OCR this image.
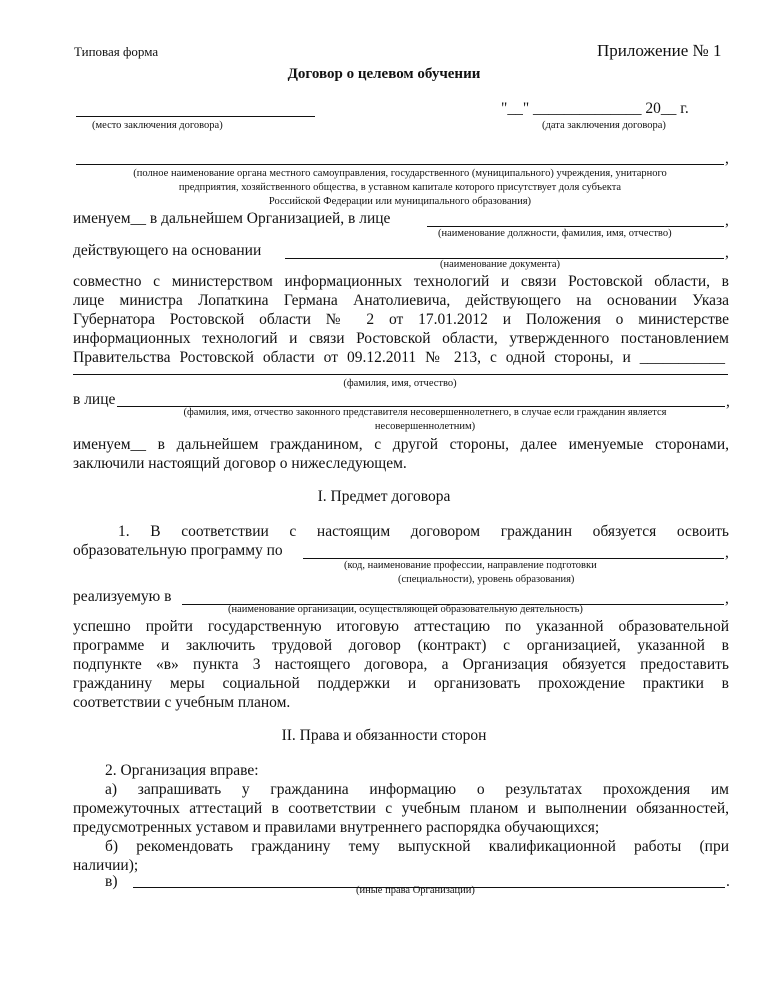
Типовая форма	Приложение № 1
Договор о целевом обучении
(место заключения договора)
"__" ______________ 20__ г.
(дата заключения договора)
,
(полное наименование органа местного самоуправления, государственного (муниципального) учреждения, унитарного
предприятия, хозяйственного общества, в уставном капитале которого присутствует доля субъекта
Российской Федерации или муниципального образования)
именуем__ в дальнейшем Организацией, в лице	,
(наименование должности, фамилия, имя, отчество)
действующего на основании	,
(наименование документа)
совместно с министерством информационных технологий и связи Ростовской области, в
лице министра Лопаткина Германа Анатолиевича, действующего на основании Указа
Губернатора Ростовской области № 2 от 17.01.2012 и Положения о министерстве
информационных технологий и связи Ростовской области, утвержденного постановлением
Правительства Ростовской области от 09.12.2011 № 213, с одной стороны, и ___________
(фамилия, имя, отчество)
в лице	,
(фамилия, имя, отчество законного представителя несовершеннолетнего, в случае если гражданин является
несовершеннолетним)
именуем__ в дальнейшем гражданином, с другой стороны, далее именуемые сторонами,
заключили настоящий договор о нижеследующем.
I. Предмет договора
1. В соответствии с настоящим договором гражданин обязуется освоить
образовательную программу по	,
(код, наименование профессии, направление подготовки
(специальности), уровень образования)
реализуемую в	,
(наименование организации, осуществляющей образовательную деятельность)
успешно пройти государственную итоговую аттестацию по указанной образовательной
программе и заключить трудовой договор (контракт) с организацией, указанной в
подпункте «в» пункта 3 настоящего договора, а Организация обязуется предоставить
гражданину меры социальной поддержки и организовать прохождение практики в
соответствии с учебным планом.
II. Права и обязанности сторон
2. Организация вправе:
а) запрашивать у гражданина информацию о результатах прохождения им
промежуточных аттестаций в соответствии с учебным планом и выполнении обязанностей,
предусмотренных уставом и правилами внутреннего распорядка обучающихся;
б) рекомендовать гражданину тему выпускной квалификационной работы (при
наличии);
в)	.
(иные права Организации)
